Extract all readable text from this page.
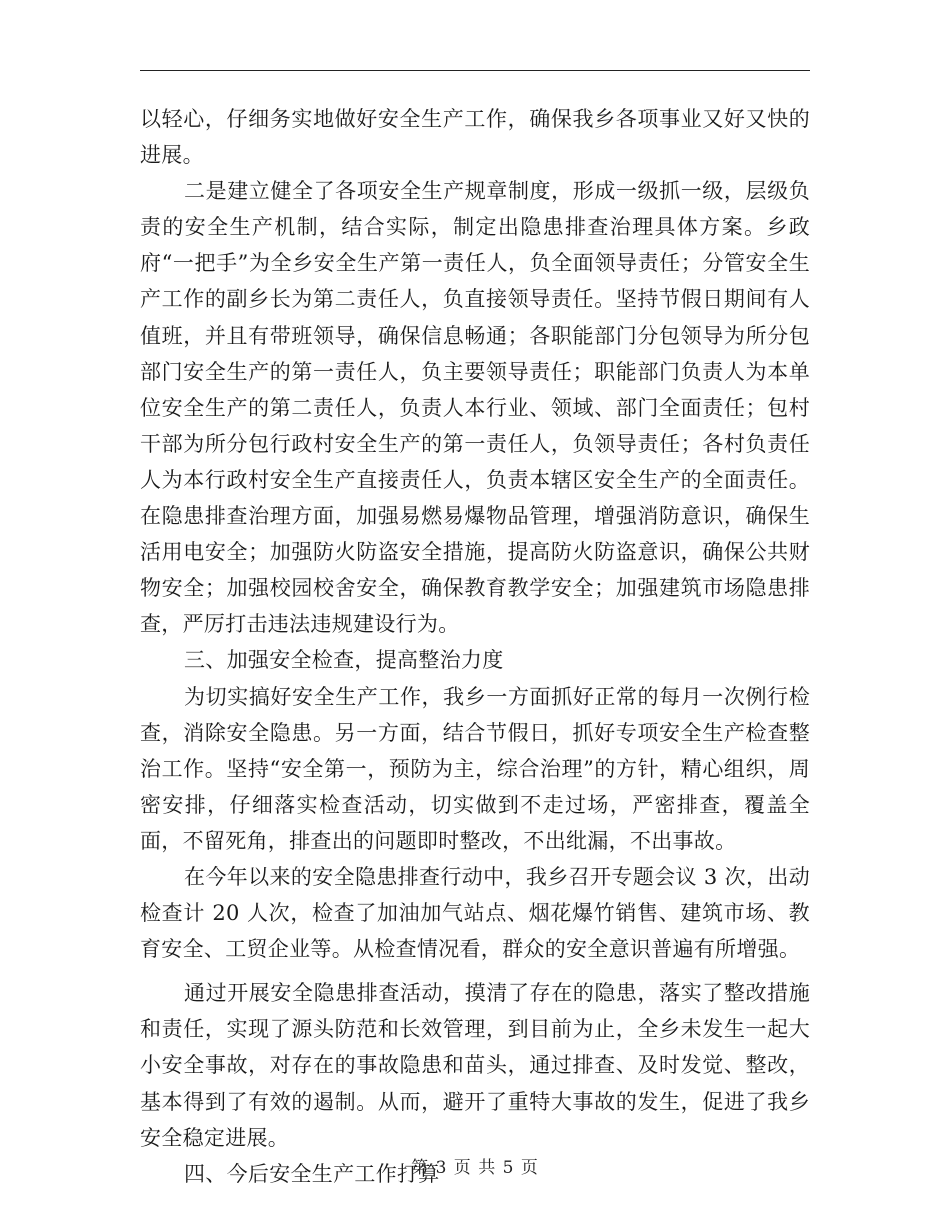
以轻心，仔细务实地做好安全生产工作，确保我乡各项事业又好又快的进展。

二是建立健全了各项安全生产规章制度，形成一级抓一级，层级负责的安全生产机制，结合实际，制定出隐患排查治理具体方案。乡政府“一把手”为全乡安全生产第一责任人，负全面领导责任；分管安全生产工作的副乡长为第二责任人，负直接领导责任。坚持节假日期间有人值班，并且有带班领导，确保信息畅通；各职能部门分包领导为所分包部门安全生产的第一责任人，负主要领导责任；职能部门负责人为本单位安全生产的第二责任人，负责人本行业、领域、部门全面责任；包村干部为所分包行政村安全生产的第一责任人，负领导责任；各村负责任人为本行政村安全生产直接责任人，负责本辖区安全生产的全面责任。在隐患排查治理方面，加强易燃易爆物品管理，增强消防意识，确保生活用电安全；加强防火防盗安全措施，提高防火防盗意识，确保公共财物安全；加强校园校舍安全，确保教育教学安全；加强建筑市场隐患排查，严厉打击违法违规建设行为。

三、加强安全检查，提高整治力度

为切实搞好安全生产工作，我乡一方面抓好正常的每月一次例行检查，消除安全隐患。另一方面，结合节假日，抓好专项安全生产检查整治工作。坚持“安全第一，预防为主，综合治理”的方针，精心组织，周密安排，仔细落实检查活动，切实做到不走过场，严密排查，覆盖全面，不留死角，排查出的问题即时整改，不出纰漏，不出事故。

在今年以来的安全隐患排查行动中，我乡召开专题会议 3 次，出动检查计 20 人次，检查了加油加气站点、烟花爆竹销售、建筑市场、教育安全、工贸企业等。从检查情况看，群众的安全意识普遍有所增强。

通过开展安全隐患排查活动，摸清了存在的隐患，落实了整改措施和责任，实现了源头防范和长效管理，到目前为止，全乡未发生一起大小安全事故，对存在的事故隐患和苗头，通过排查、及时发觉、整改，基本得到了有效的遏制。从而，避开了重特大事故的发生，促进了我乡安全稳定进展。

四、今后安全生产工作打算

第 3 页 共 5 页
